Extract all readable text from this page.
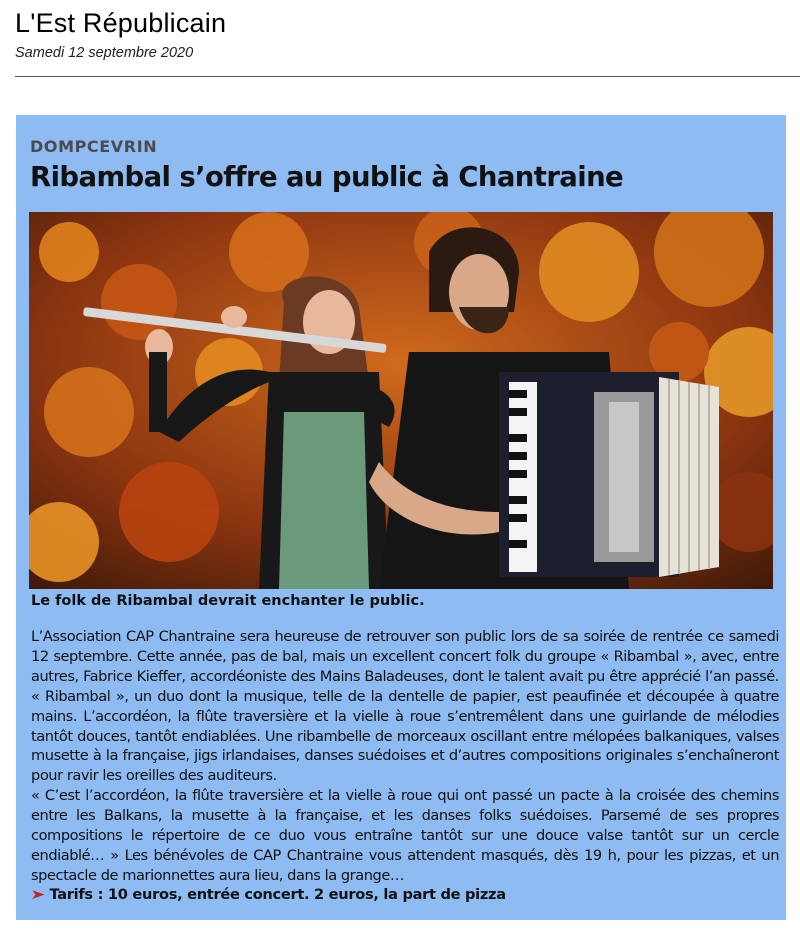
L'Est Républicain
Samedi 12 septembre 2020
DOMPCEVRIN
Ribambal s’offre au public à Chantraine
Le folk de Ribambal devrait enchanter le public.

L’Association CAP Chantraine sera heureuse de retrouver son public lors de sa soirée de rentrée ce samedi 12 septembre. Cette année, pas de bal, mais un excellent concert folk du groupe « Ribambal », avec, entre autres, Fabrice Kieffer, accordéoniste des Mains Baladeuses, dont le talent avait pu être apprécié l’an passé. « Ribambal », un duo dont la musique, telle de la dentelle de papier, est peaufinée et découpée à quatre mains. L’accordéon, la flûte traversière et la vielle à roue s’entremêlent dans une guirlande de mélodies tantôt douces, tantôt endiablées. Une ribambelle de morceaux oscillant entre mélopées balkaniques, valses musette à la française, jigs irlandaises, danses suédoises et d’autres compositions originales s’enchaîneront pour ravir les oreilles des auditeurs.

« C’est l’accordéon, la flûte traversière et la vielle à roue qui ont passé un pacte à la croisée des chemins entre les Balkans, la musette à la française, et les danses folks suédoises. Parsemé de ses propres compositions le répertoire de ce duo vous entraîne tantôt sur une douce valse tantôt sur un cercle endiablé… » Les bénévoles de CAP Chantraine vous attendent masqués, dès 19 h, pour les pizzas, et un spectacle de marionnettes aura lieu, dans la grange…

➤ Tarifs : 10 euros, entrée concert. 2 euros, la part de pizza
